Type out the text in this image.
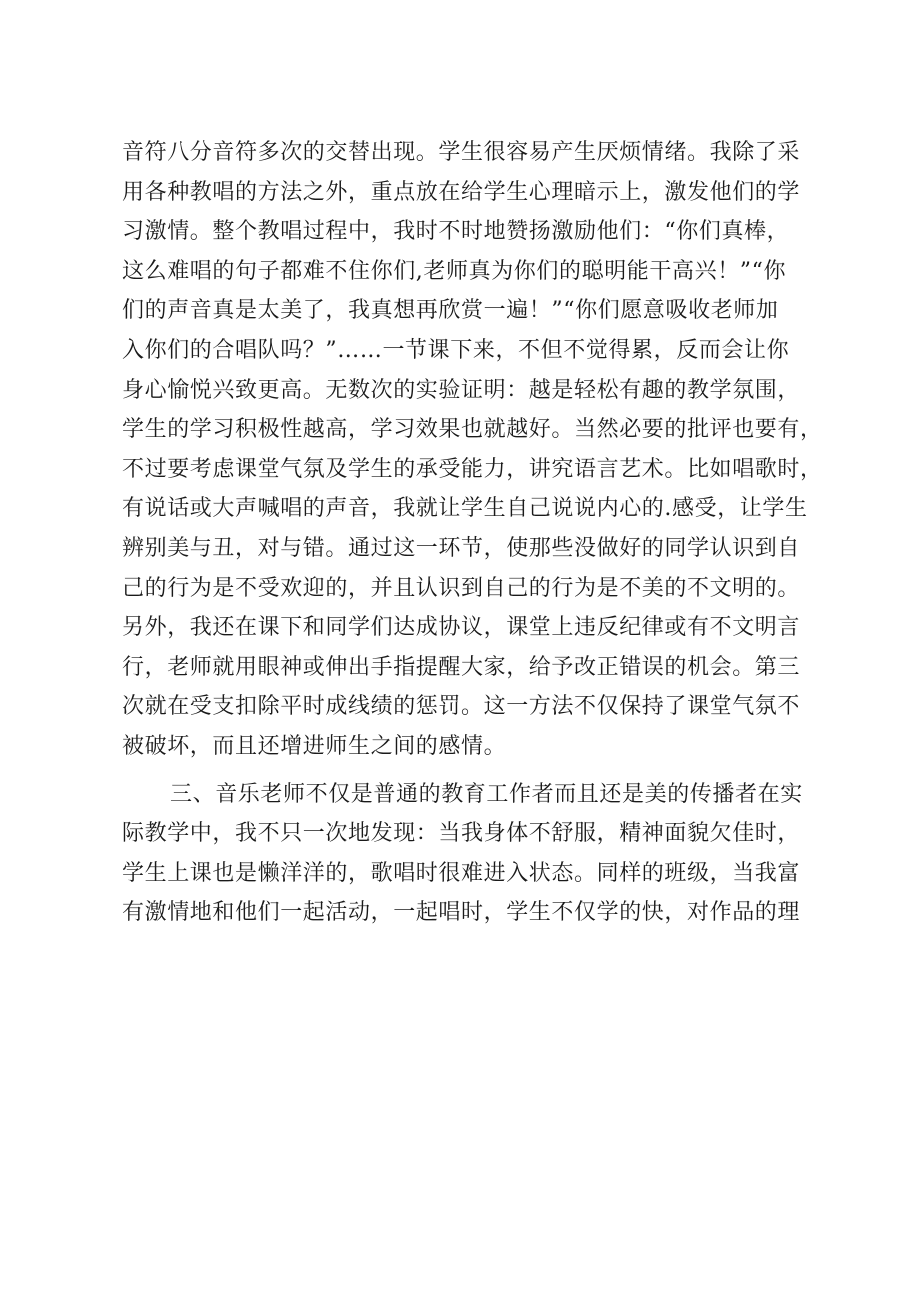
音符八分音符多次的交替出现。学生很容易产生厌烦情绪。我除了采
用各种教唱的方法之外，重点放在给学生心理暗示上，激发他们的学
习激情。整个教唱过程中，我时不时地赞扬激励他们：“你们真棒，
这么难唱的句子都难不住你们,老师真为你们的聪明能干高兴！”“你
们的声音真是太美了，我真想再欣赏一遍！”“你们愿意吸收老师加
入你们的合唱队吗？”……一节课下来，不但不觉得累，反而会让你
身心愉悦兴致更高。无数次的实验证明：越是轻松有趣的教学氛围，
学生的学习积极性越高，学习效果也就越好。当然必要的批评也要有，
不过要考虑课堂气氛及学生的承受能力，讲究语言艺术。比如唱歌时，
有说话或大声喊唱的声音，我就让学生自己说说内心的.感受，让学生
辨别美与丑，对与错。通过这一环节，使那些没做好的同学认识到自
己的行为是不受欢迎的，并且认识到自己的行为是不美的不文明的。
另外，我还在课下和同学们达成协议，课堂上违反纪律或有不文明言
行，老师就用眼神或伸出手指提醒大家，给予改正错误的机会。第三
次就在受支扣除平时成线绩的惩罚。这一方法不仅保持了课堂气氛不
被破坏，而且还增进师生之间的感情。
三、音乐老师不仅是普通的教育工作者而且还是美的传播者在实
际教学中，我不只一次地发现：当我身体不舒服，精神面貌欠佳时，
学生上课也是懒洋洋的，歌唱时很难进入状态。同样的班级，当我富
有激情地和他们一起活动，一起唱时，学生不仅学的快，对作品的理
